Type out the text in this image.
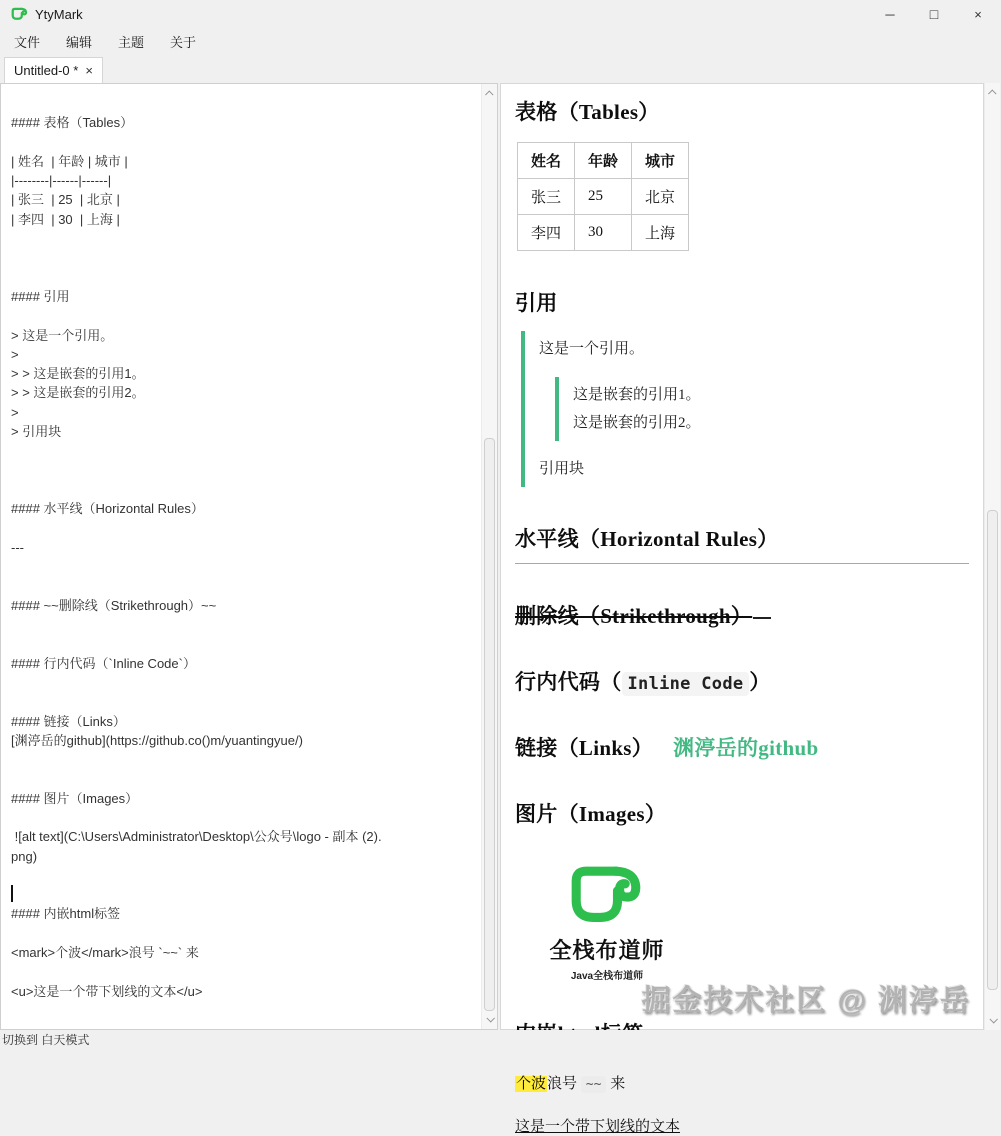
YtyMark	─	□	×
文件 编辑 主题 关于
Untitled-0 * ×

#### 表格（Tables）

| 姓名  | 年龄 | 城市 |
|--------|------|------|
| 张三  | 25  | 北京 |
| 李四  | 30  | 上海 |

#### 引用

> 这是一个引用。
>
> > 这是嵌套的引用1。
> > 这是嵌套的引用2。
>
> 引用块

#### 水平线（Horizontal Rules）

---

#### ~~删除线（Strikethrough）~~

#### 行内代码（`Inline Code`）

#### 链接（Links）
[渊渟岳的github](https://github.co()m/yuantingyue/)

#### 图片（Images）

![alt text](C:\Users\Administrator\Desktop\公众号\logo - 副本 (2).
png)

#### 内嵌html标签

<mark>个波</mark>浪号 `~~` 来

<u>这是一个带下划线的文本</u>
表格（Tables）
姓名	年龄	城市
张三	25	北京
李四	30	上海
引用
这是一个引用。
这是嵌套的引用1。
这是嵌套的引用2。
引用块
水平线（Horizontal Rules）
删除线（Strikethrough）
行内代码（ Inline Code ）
链接（Links） 渊渟岳的github
图片（Images）
全栈布道师
Java全栈布道师
个波浪号 ~~ 来
这是一个带下划线的文本
掘金技术社区 @ 渊渟岳
切换到 白天模式
